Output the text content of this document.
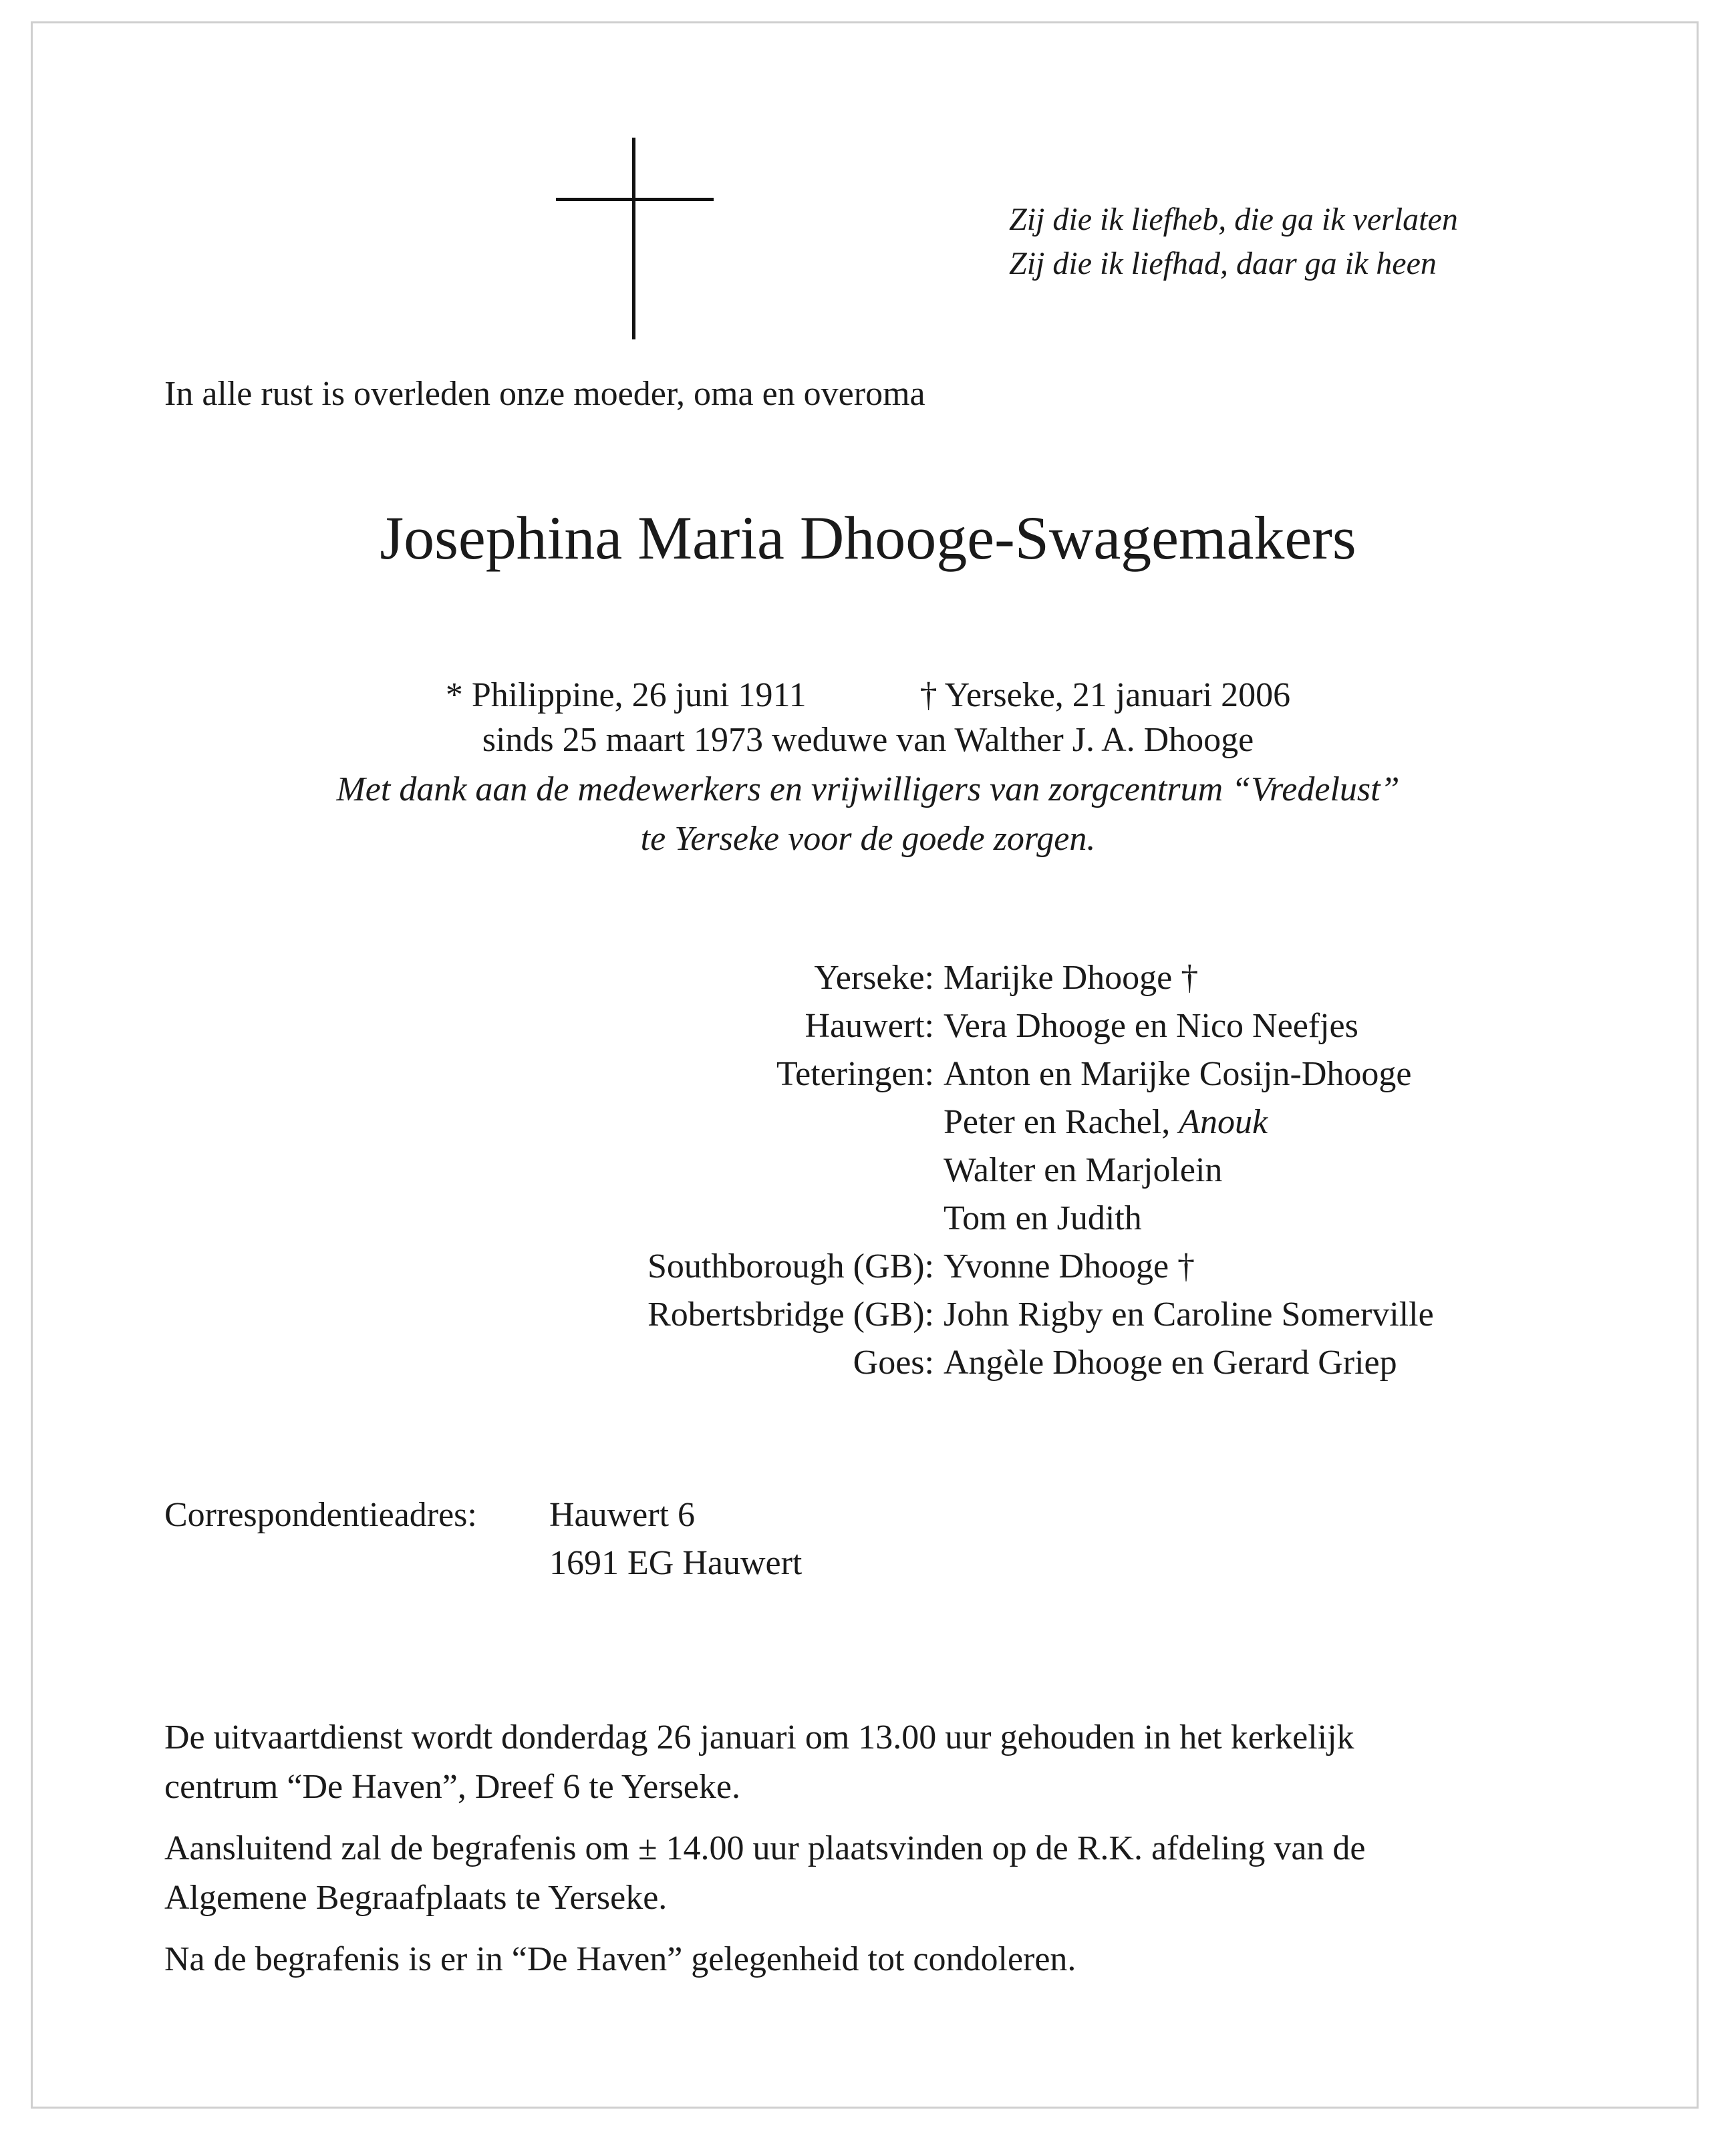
Zij die ik liefheb, die ga ik verlaten
Zij die ik liefhad, daar ga ik heen

In alle rust is overleden onze moeder, oma en overoma

Josephina Maria Dhooge-Swagemakers
* Philippine, 26 juni 1911	† Yerseke, 21 januari 2006
sinds 25 maart 1973 weduwe van Walther J. A. Dhooge
Met dank aan de medewerkers en vrijwilligers van zorgcentrum “Vredelust”
te Yerseke voor de goede zorgen.
Yerseke: Marijke Dhooge †
Hauwert: Vera Dhooge en Nico Neefjes
Teteringen: Anton en Marijke Cosijn-Dhooge
Peter en Rachel, Anouk
Walter en Marjolein
Tom en Judith
Southborough (GB): Yvonne Dhooge †
Robertsbridge (GB): John Rigby en Caroline Somerville
Goes: Angèle Dhooge en Gerard Griep
Correspondentieadres: Hauwert 6
1691 EG Hauwert
De uitvaartdienst wordt donderdag 26 januari om 13.00 uur gehouden in het kerkelijk
centrum “De Haven”, Dreef 6 te Yerseke.
Aansluitend zal de begrafenis om ± 14.00 uur plaatsvinden op de R.K. afdeling van de
Algemene Begraafplaats te Yerseke.
Na de begrafenis is er in “De Haven” gelegenheid tot condoleren.
